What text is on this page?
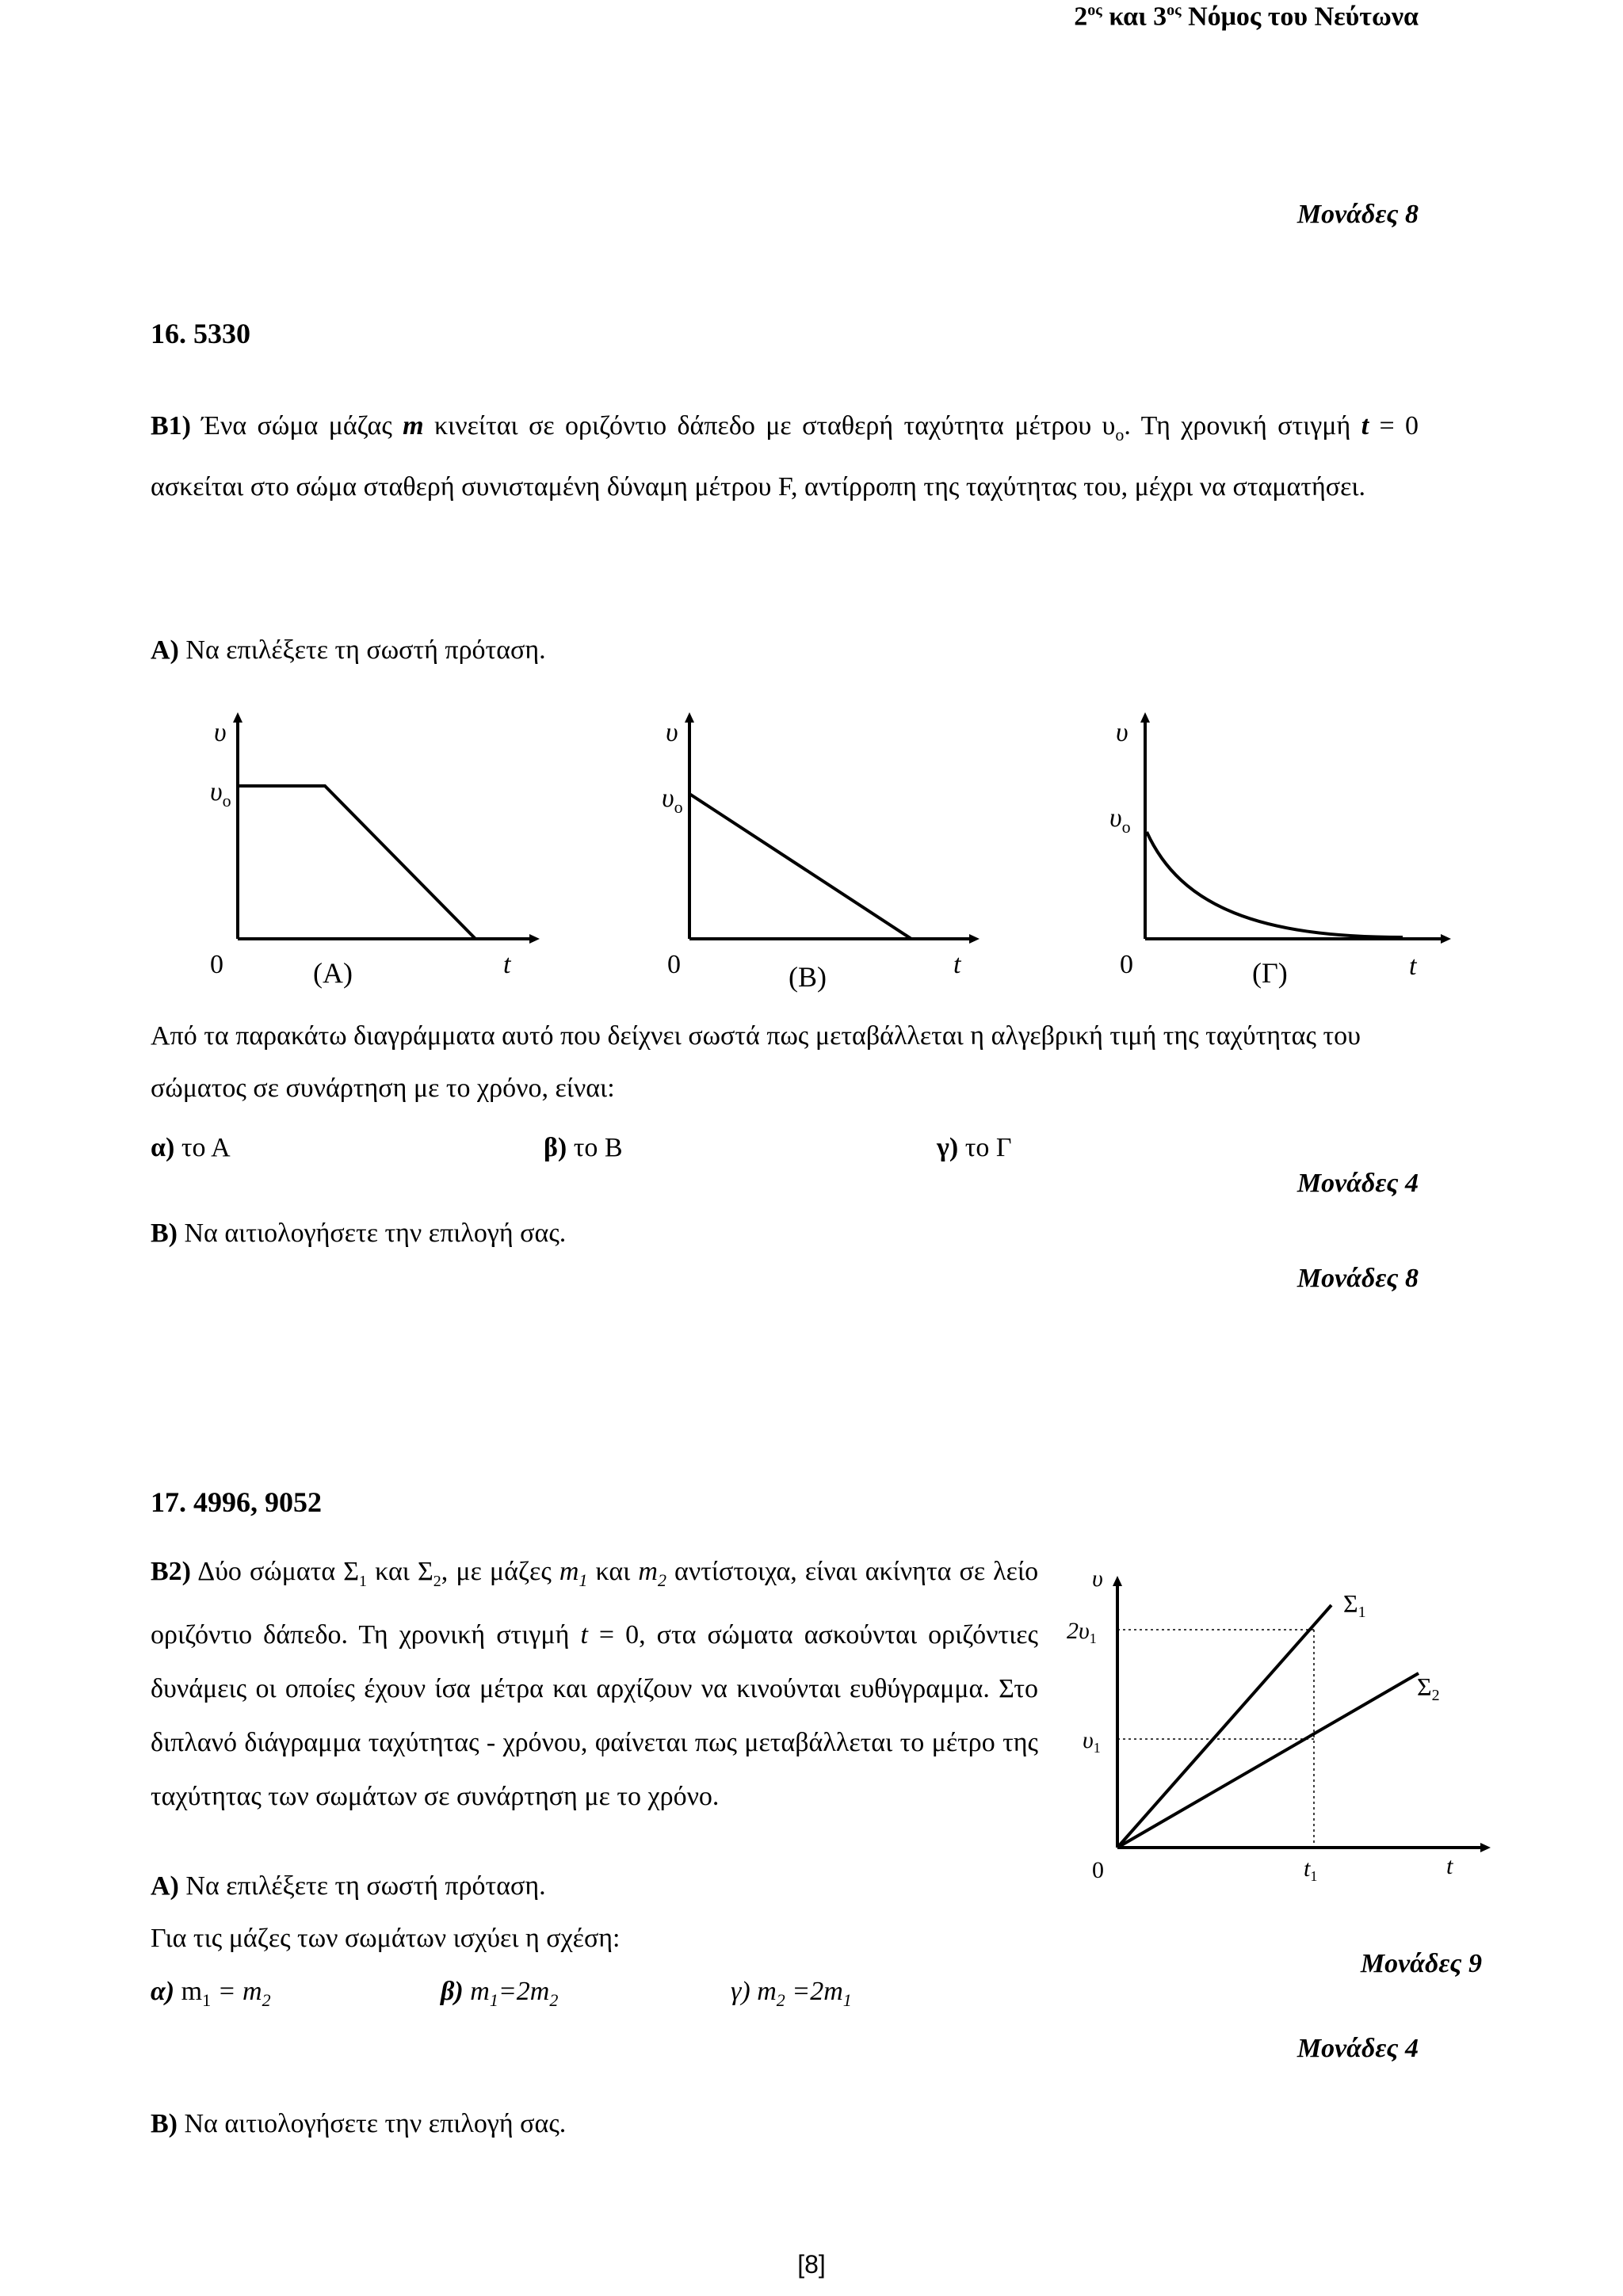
$2^{o\varsigma}$ και $3^{o\varsigma}$ Νόμος του Νεύτωνα
Μονάδες 8
16. 5330
Β1) Ένα σώμα μάζας m κινείται σε οριζόντιο δάπεδο με σταθερή ταχύτητα μέτρου $\upsilon_o$. Τη χρονική στιγμή t = 0 ασκείται στο σώμα σταθερή συνισταμένη δύναμη μέτρου F, αντίρροπη της ταχύτητας του, μέχρι να σταματήσει.
Α) Να επιλέξετε τη σωστή πρόταση.
υ
$\upsilon_o$
0	t
(Α)
υ
$\upsilon_o$
0	t
(Β)
υ
$\upsilon_o$
0	t
(Γ)
Από τα παρακάτω διαγράμματα αυτό που δείχνει σωστά πως μεταβάλλεται η αλγεβρική τιμή της ταχύτητας του σώματος σε συνάρτηση με το χρόνο, είναι:
α) το Α	β) το Β	γ) το Γ
Μονάδες 4
Β) Να αιτιολογήσετε την επιλογή σας.
Μονάδες 8
17. 4996, 9052
Β2) Δύο σώματα $\Sigma_1$ και $\Sigma_2$, με μάζες $m_1$ και $m_2$ αντίστοιχα, είναι ακίνητα σε λείο οριζόντιο δάπεδο. Τη χρονική στιγμή t = 0, στα σώματα ασκούνται οριζόντιες δυνάμεις οι οποίες έχουν ίσα μέτρα και αρχίζουν να κινούνται ευθύγραμμα. Στο διπλανό διάγραμμα ταχύτητας - χρόνου, φαίνεται πως μεταβάλλεται το μέτρο της ταχύτητας των σωμάτων σε συνάρτηση με το χρόνο.
Α) Να επιλέξετε τη σωστή πρόταση.
Για τις μάζες των σωμάτων ισχύει η σχέση:
α) $m_1 = m_2$	β) $m_1=2m_2$	γ) $m_2 =2m_1$
Μονάδες 9
Μονάδες 4
Β) Να αιτιολογήσετε την επιλογή σας.
υ
$2\upsilon_1$
$\upsilon_1$
0	$t_1$	t
Σ1
Σ2
[8]
